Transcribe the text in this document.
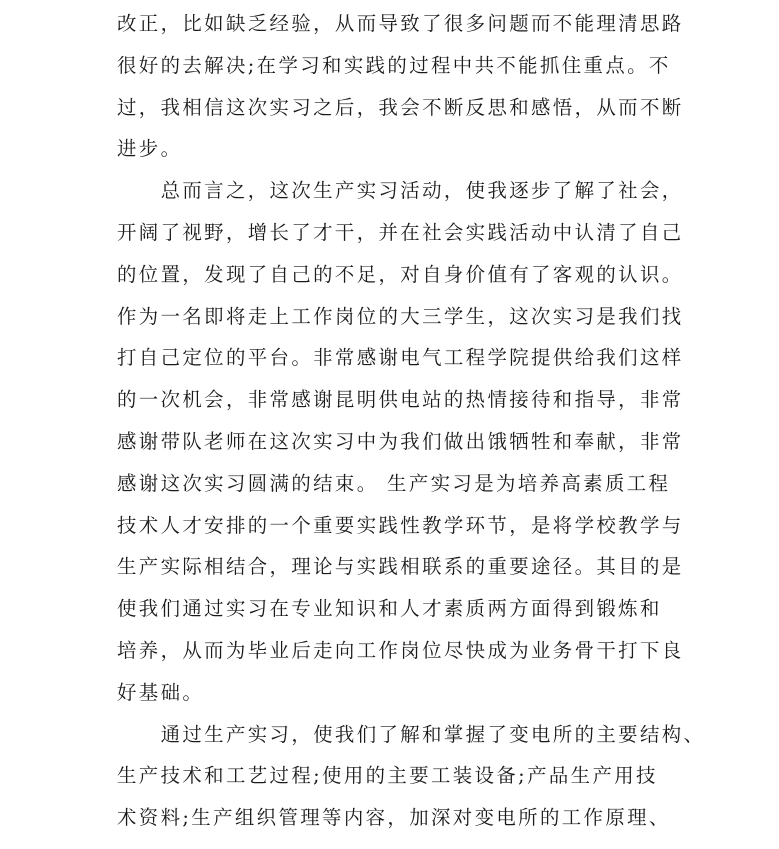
改正，比如缺乏经验，从而导致了很多问题而不能理清思路
很好的去解决;在学习和实践的过程中共不能抓住重点。不
过，我相信这次实习之后，我会不断反思和感悟，从而不断
进步。
　　总而言之，这次生产实习活动，使我逐步了解了社会，
开阔了视野，增长了才干，并在社会实践活动中认清了自己
的位置，发现了自己的不足，对自身价值有了客观的认识。
作为一名即将走上工作岗位的大三学生，这次实习是我们找
打自己定位的平台。非常感谢电气工程学院提供给我们这样
的一次机会，非常感谢昆明供电站的热情接待和指导，非常
感谢带队老师在这次实习中为我们做出饿牺牲和奉献，非常
感谢这次实习圆满的结束。 生产实习是为培养高素质工程
技术人才安排的一个重要实践性教学环节，是将学校教学与
生产实际相结合，理论与实践相联系的重要途径。其目的是
使我们通过实习在专业知识和人才素质两方面得到锻炼和
培养，从而为毕业后走向工作岗位尽快成为业务骨干打下良
好基础。
　　通过生产实习，使我们了解和掌握了变电所的主要结构、
生产技术和工艺过程;使用的主要工装设备;产品生产用技
术资料;生产组织管理等内容，加深对变电所的工作原理、
